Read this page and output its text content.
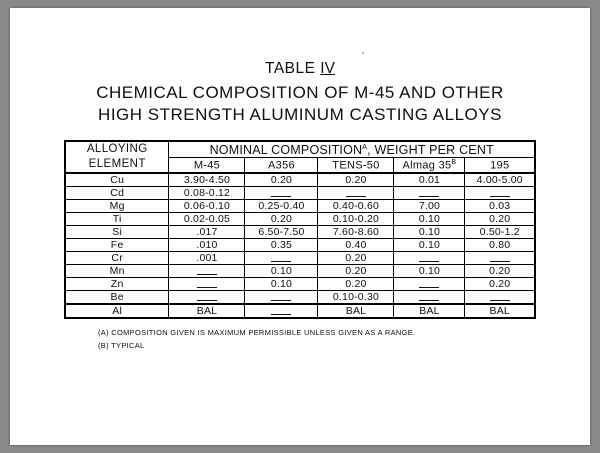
TABLE IV
CHEMICAL COMPOSITION OF M-45 AND OTHER
HIGH STRENGTH ALUMINUM CASTING ALLOYS
ALLOYING
ELEMENT	NOMINAL $COMPOSITION^A$, WEIGHT PER CENT				
	M-45	A356	TENS-50	Almag $35^B$	195
Cu	3.90-4.50	0.20	0.20	0.01	4.00-5.00
Cd	0.08-0.12				
Mg	0.06-0.10	0.25-0.40	0.40-0.60	7.00	0.03
Ti	0.02-0.05	0.20	0.10-0.20	0.10	0.20
Si	.017	6.50-7.50	7.60-8.60	0.10	0.50-1.2
Fe	.010	0.35	0.40	0.10	0.80
Cr	.001		0.20		
Mn		0.10	0.20	0.10	0.20
Zn		0.10	0.20		0.20
Be			0.10-0.30		
Al	BAL		BAL	BAL	BAL
(A) COMPOSITION GIVEN IS MAXIMUM PERMISSIBLE UNLESS GIVEN AS A RANGE.
(B) TYPICAL
